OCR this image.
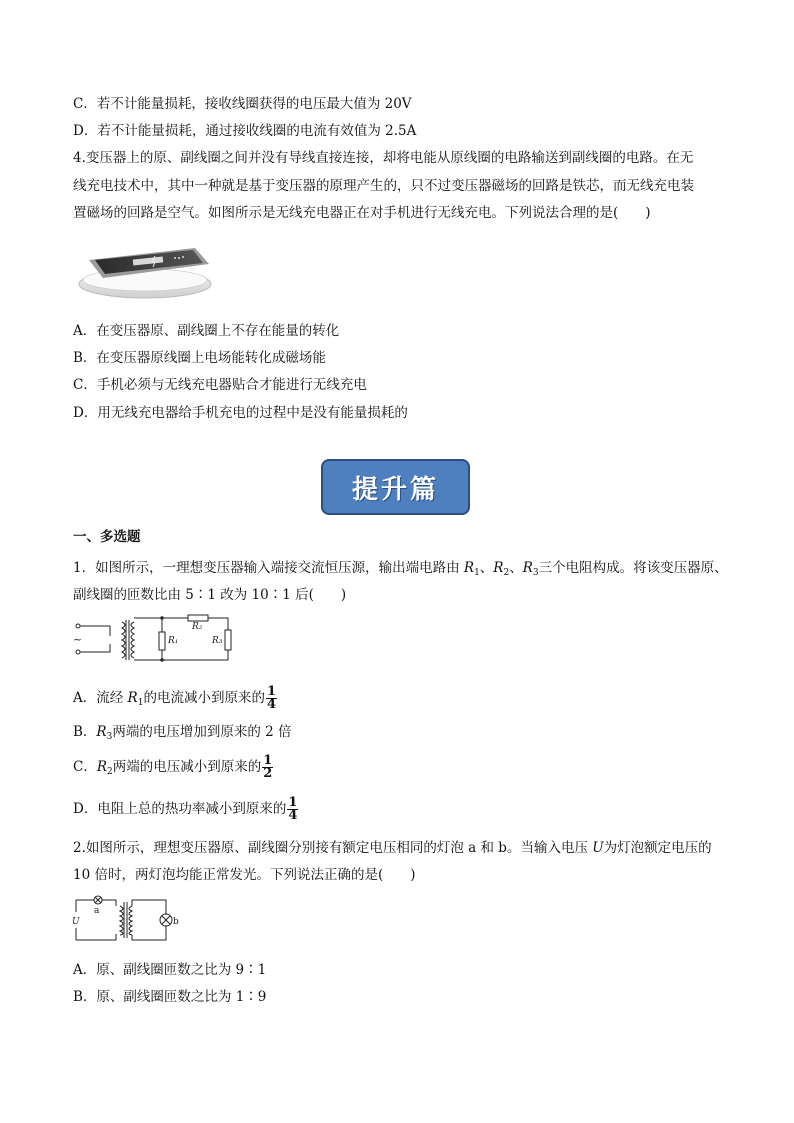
C．若不计能量损耗，接收线圈获得的电压最大值为 20V
D．若不计能量损耗，通过接收线圈的电流有效值为 2.5A
4.变压器上的原、副线圈之间并没有导线直接连接，却将电能从原线圈的电路输送到副线圈的电路。在无
线充电技术中，其中一种就是基于变压器的原理产生的，只不过变压器磁场的回路是铁芯，而无线充电装
置磁场的回路是空气。如图所示是无线充电器正在对手机进行无线充电。下列说法合理的是(　　)
A．在变压器原、副线圈上不存在能量的转化
B．在变压器原线圈上电场能转化成磁场能
C．手机必须与无线充电器贴合才能进行无线充电
D．用无线充电器给手机充电的过程中是没有能量损耗的
提升篇
一、多选题
1．如图所示，一理想变压器输入端接交流恒压源，输出端电路由 $R_1$、$R_2$、$R_3$三个电阻构成。将该变压器原、
副线圈的匝数比由 5∶1 改为 10∶1 后(　　)
~	R₁
R₂
R₃
A．流经 $R_1$的电流减小到原来的 $\frac{1}{4}$
B．$R_3$两端的电压增加到原来的 2 倍
C．$R_2$两端的电压减小到原来的 $\frac{1}{2}$
D．电阻上总的热功率减小到原来的 $\frac{1}{4}$
2.如图所示，理想变压器原、副线圈分别接有额定电压相同的灯泡 a 和 b。当输入电压 U为灯泡额定电压的
10 倍时，两灯泡均能正常发光。下列说法正确的是(　　)
a
U	b
A．原、副线圈匝数之比为 9∶1
B．原、副线圈匝数之比为 1∶9
